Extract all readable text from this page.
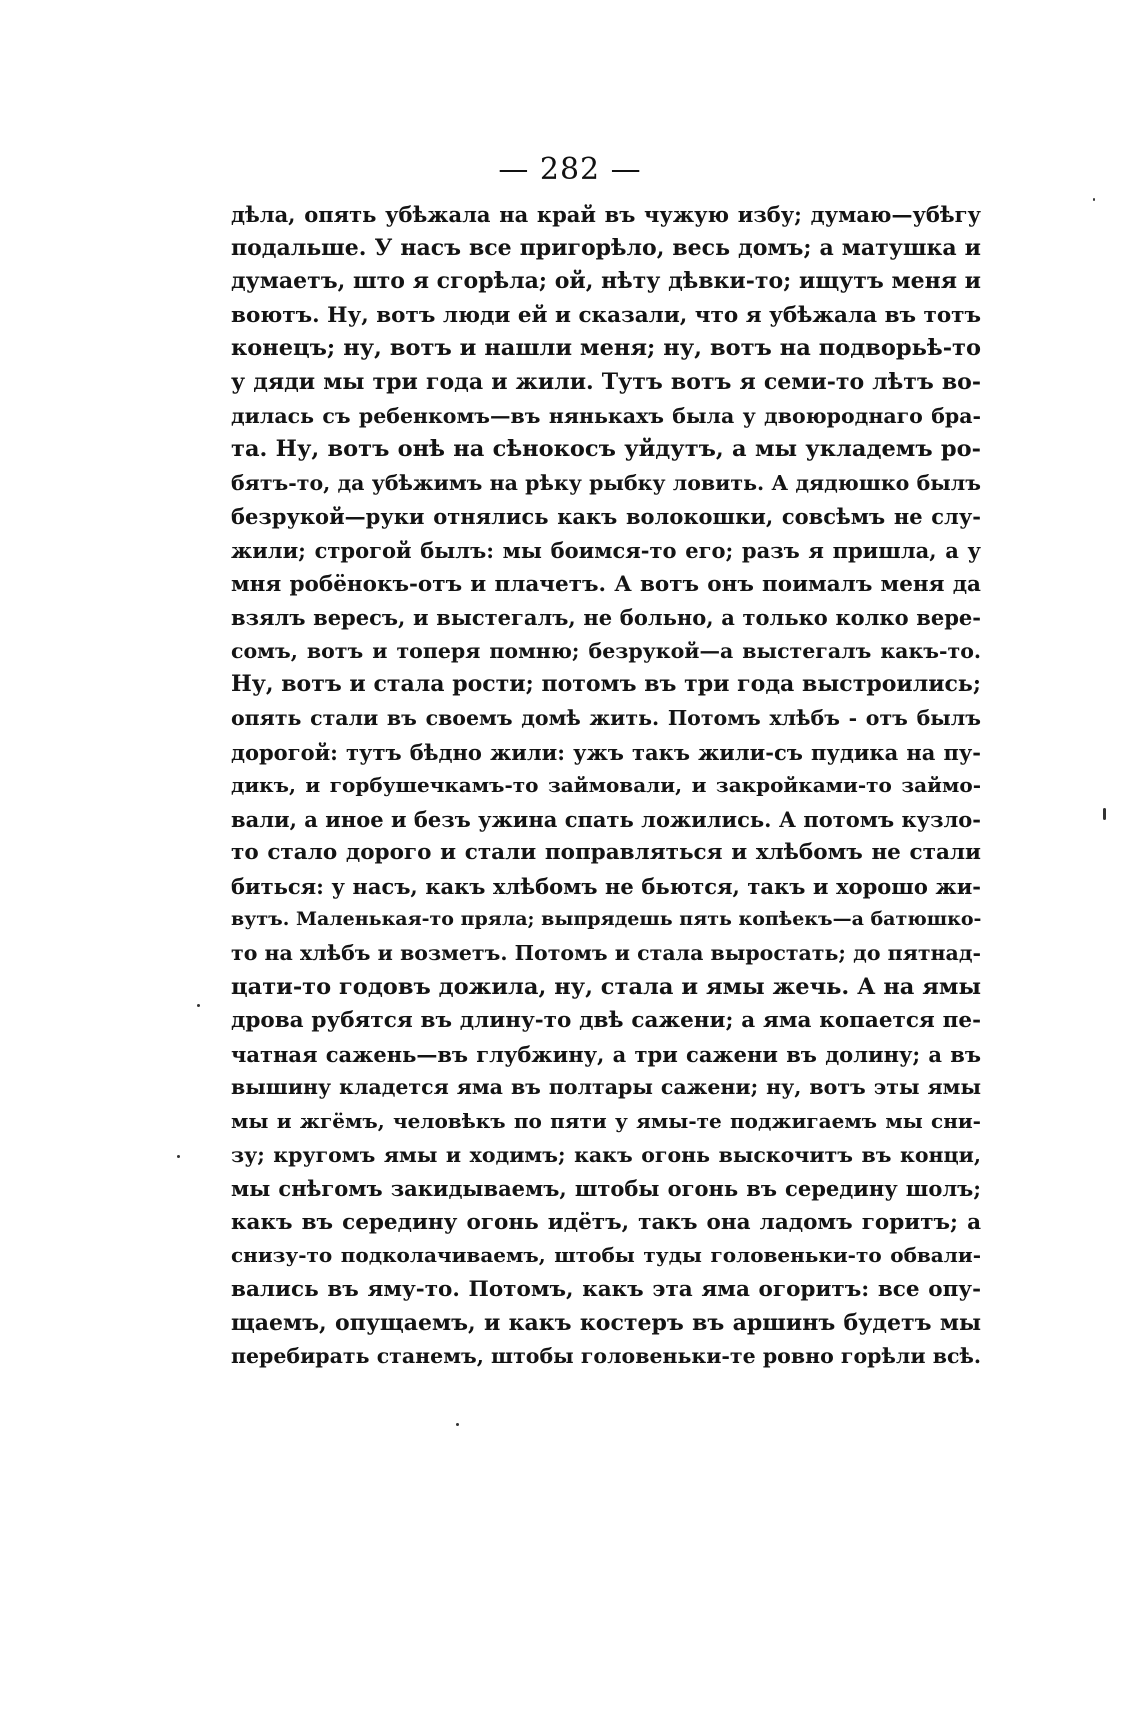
— 282 —
дѣла, опять убѣжала на край въ чужую избу; думаю—убѣгу
подальше. У насъ все пригорѣло, весь домъ; а матушка и
думаетъ, што я сгорѣла; ой, нѣту дѣвки-то; ищутъ меня и
воютъ. Ну, вотъ люди ей и сказали, что я убѣжала въ тотъ
конецъ; ну, вотъ и нашли меня; ну, вотъ на подворьѣ-то
у дяди мы три года и жили. Тутъ вотъ я семи-то лѣтъ во-
дилась съ ребенкомъ—въ нянькахъ была у двоюроднаго бра-
та. Ну, вотъ онѣ на сѣнокосъ уйдутъ, а мы укладемъ ро-
бятъ-то, да убѣжимъ на рѣку рыбку ловить. А дядюшко былъ
безрукой—руки отнялись какъ волокошки, совсѣмъ не слу-
жили; строгой былъ: мы боимся-то его; разъ я пришла, а у
мня робёнокъ-отъ и плачетъ. А вотъ онъ поималъ меня да
взялъ вересъ, и выстегалъ, не больно, а только колко вере-
сомъ, вотъ и топеря помню; безрукой—а выстегалъ какъ-то.
Ну, вотъ и стала рости; потомъ въ три года выстроились;
опять стали въ своемъ домѣ жить. Потомъ хлѣбъ - отъ былъ
дорогой: тутъ бѣдно жили: ужъ такъ жили-съ пудика на пу-
дикъ, и горбушечкамъ-то займовали, и закройками-то займо-
вали, а иное и безъ ужина спать ложились. А потомъ кузло-
то стало дорого и стали поправляться и хлѣбомъ не стали
биться: у насъ, какъ хлѣбомъ не бьются, такъ и хорошо жи-
вутъ. Маленькая-то пряла; выпрядешь пять копѣекъ—а батюшко-
то на хлѣбъ и возметъ. Потомъ и стала выростать; до пятнад-
цати-то годовъ дожила, ну, стала и ямы жечь. А на ямы
дрова рубятся въ длину-то двѣ сажени; а яма копается пе-
чатная сажень—въ глубжину, а три сажени въ долину; а въ
вышину кладется яма въ полтары сажени; ну, вотъ эты ямы
мы и жгёмъ, человѣкъ по пяти у ямы-те поджигаемъ мы сни-
зу; кругомъ ямы и ходимъ; какъ огонь выскочитъ въ конци,
мы снѣгомъ закидываемъ, штобы огонь въ середину шолъ;
какъ въ середину огонь идётъ, такъ она ладомъ горитъ; а
снизу-то подколачиваемъ, штобы туды головеньки-то обвали-
вались въ яму-то. Потомъ, какъ эта яма огоритъ: все опу-
щаемъ, опущаемъ, и какъ костеръ въ аршинъ будетъ мы
перебирать станемъ, штобы головеньки-те ровно горѣли всѣ.
